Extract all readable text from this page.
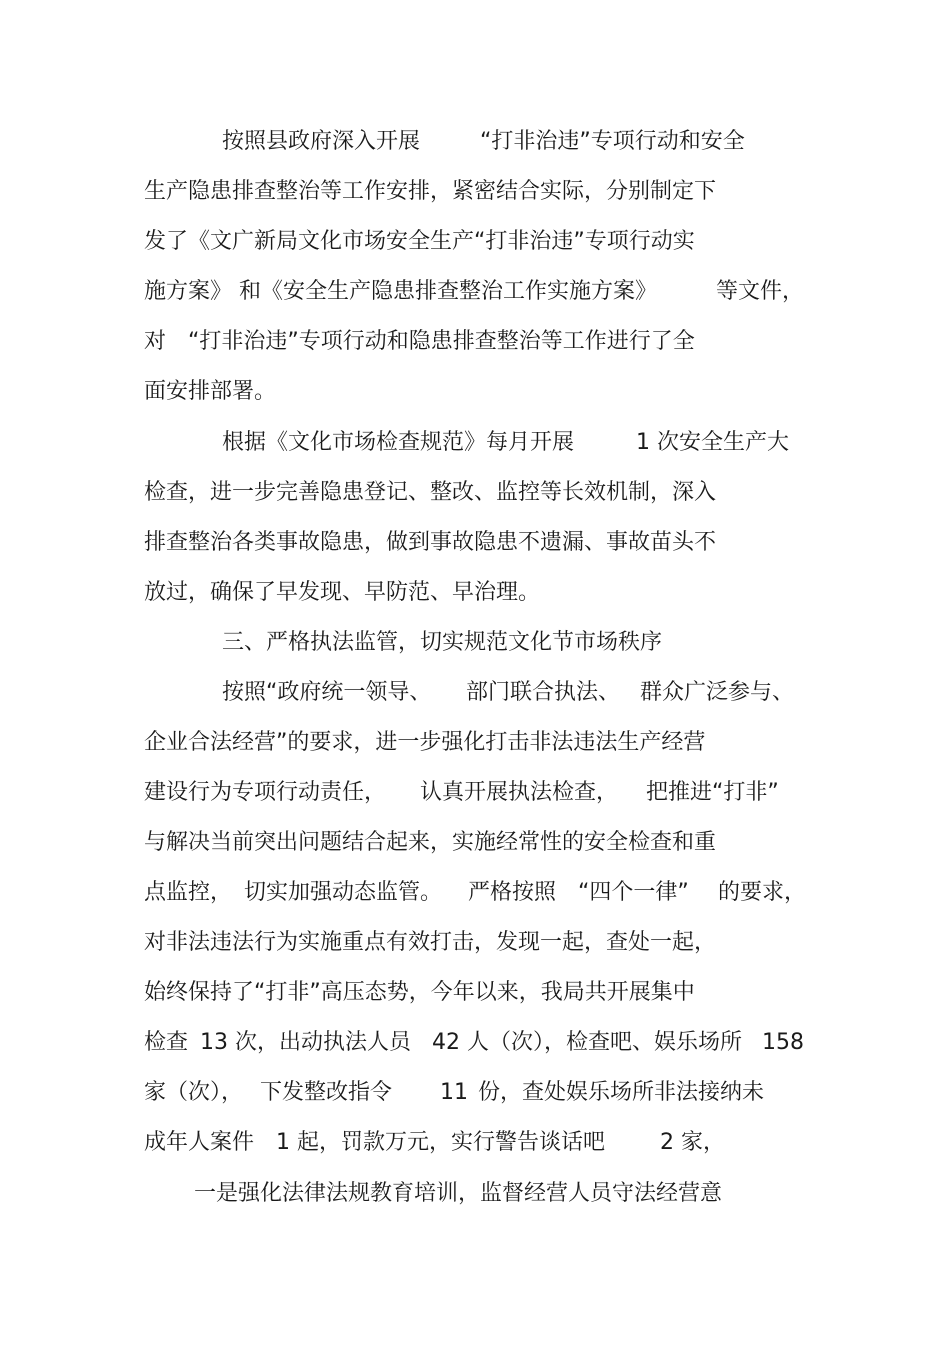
按照县政府深入开展

	“打非治违”专项行动和安全

生产隐患排查整治等工作安排，紧密结合实际，分别制定下

发了《文广新局文化市场安全生产“打非治违”专项行动实

施方案》 和《安全生产隐患排查整治工作实施方案》

	等文件，

对

“打非治违”专项行动和隐患排查整治等工作进行了全

面安排部署。

根据《文化市场检查规范》每月开展

	1 次安全生产大

检查，进一步完善隐患登记、整改、监控等长效机制，深入

排查整治各类事故隐患，做到事故隐患不遗漏、事故苗头不

放过，确保了早发现、早防范、早治理。

三、严格执法监管，切实规范文化节市场秩序

按照“政府统一领导、

部门联合执法、

群众广泛参与、

企业合法经营”的要求，进一步强化打击非法违法生产经营

建设行为专项行动责任，

认真开展执法检查，

把推进“打非”

与解决当前突出问题结合起来，实施经常性的安全检查和重

点监控，

切实加强动态监管。

严格按照

“四个一律”

的要求，

对非法违法行为实施重点有效打击，发现一起，查处一起，

始终保持了“打非”高压态势，今年以来，我局共开展集中

检查

13 次，出动执法人员

42 人（次），检查吧、娱乐场所

158

家（次），

下发整改指令

11

份，查处娱乐场所非法接纳未

成年人案件

1 起，罚款万元，实行警告谈话吧

	2 家，

一是强化法律法规教育培训，监督经营人员守法经营意
